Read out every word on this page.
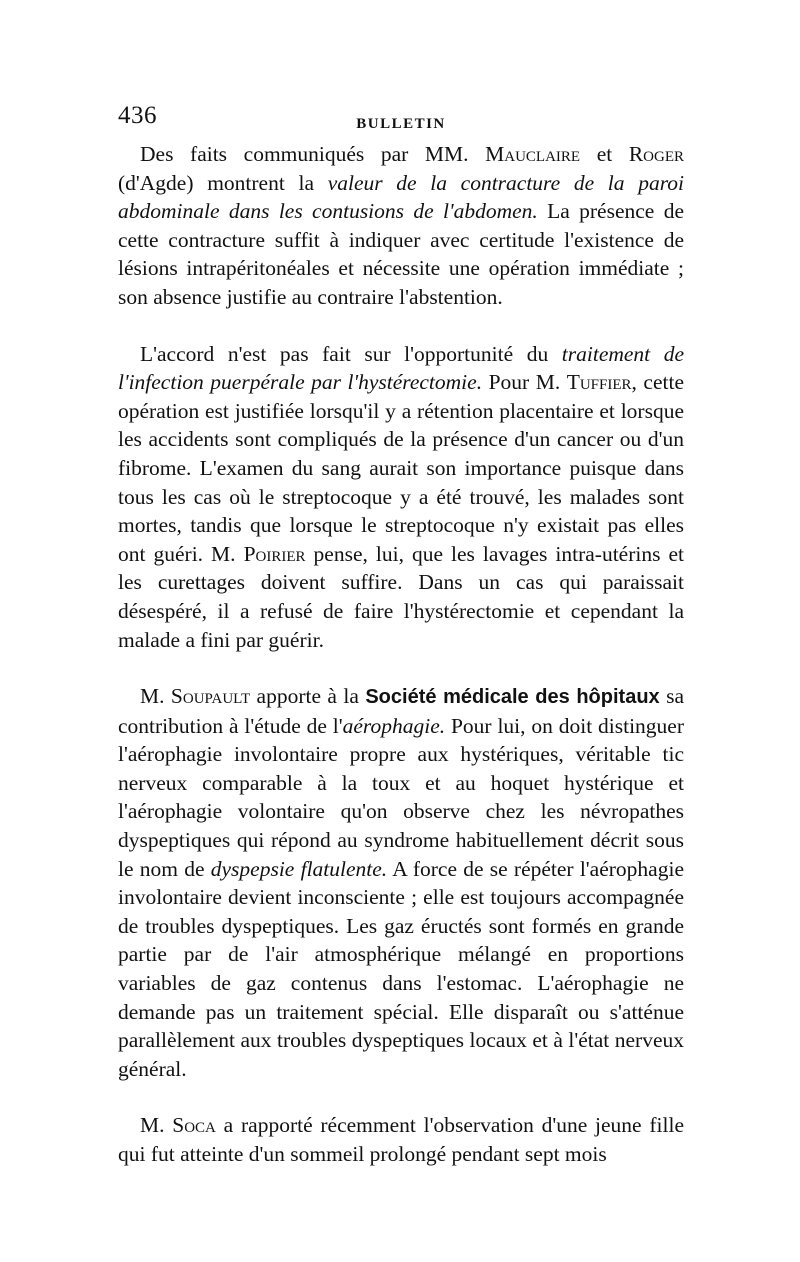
436	BULLETIN

Des faits communiqués par MM. Mauclaire et Roger (d'Agde) montrent la valeur de la contracture de la paroi abdominale dans les contusions de l'abdomen. La présence de cette contracture suffit à indiquer avec certitude l'existence de lésions intrapéritonéales et nécessite une opération immédiate ; son absence justifie au contraire l'abstention.

L'accord n'est pas fait sur l'opportunité du traitement de l'infection puerpérale par l'hystérectomie. Pour M. Tuffier, cette opération est justifiée lorsqu'il y a rétention placentaire et lorsque les accidents sont compliqués de la présence d'un cancer ou d'un fibrome. L'examen du sang aurait son importance puisque dans tous les cas où le streptocoque y a été trouvé, les malades sont mortes, tandis que lorsque le streptocoque n'y existait pas elles ont guéri. M. Poirier pense, lui, que les lavages intra-utérins et les curettages doivent suffire. Dans un cas qui paraissait désespéré, il a refusé de faire l'hystérectomie et cependant la malade a fini par guérir.

M. Soupault apporte à la Société médicale des hôpitaux sa contribution à l'étude de l'aérophagie. Pour lui, on doit distinguer l'aérophagie involontaire propre aux hystériques, véritable tic nerveux comparable à la toux et au hoquet hystérique et l'aérophagie volontaire qu'on observe chez les névropathes dyspeptiques qui répond au syndrome habituellement décrit sous le nom de dyspepsie flatulente. A force de se répéter l'aérophagie involontaire devient inconsciente ; elle est toujours accompagnée de troubles dyspeptiques. Les gaz éructés sont formés en grande partie par de l'air atmosphérique mélangé en proportions variables de gaz contenus dans l'estomac. L'aérophagie ne demande pas un traitement spécial. Elle disparaît ou s'atténue parallèlement aux troubles dyspeptiques locaux et à l'état nerveux général.

M. Soca a rapporté récemment l'observation d'une jeune fille qui fut atteinte d'un sommeil prolongé pendant sept mois
